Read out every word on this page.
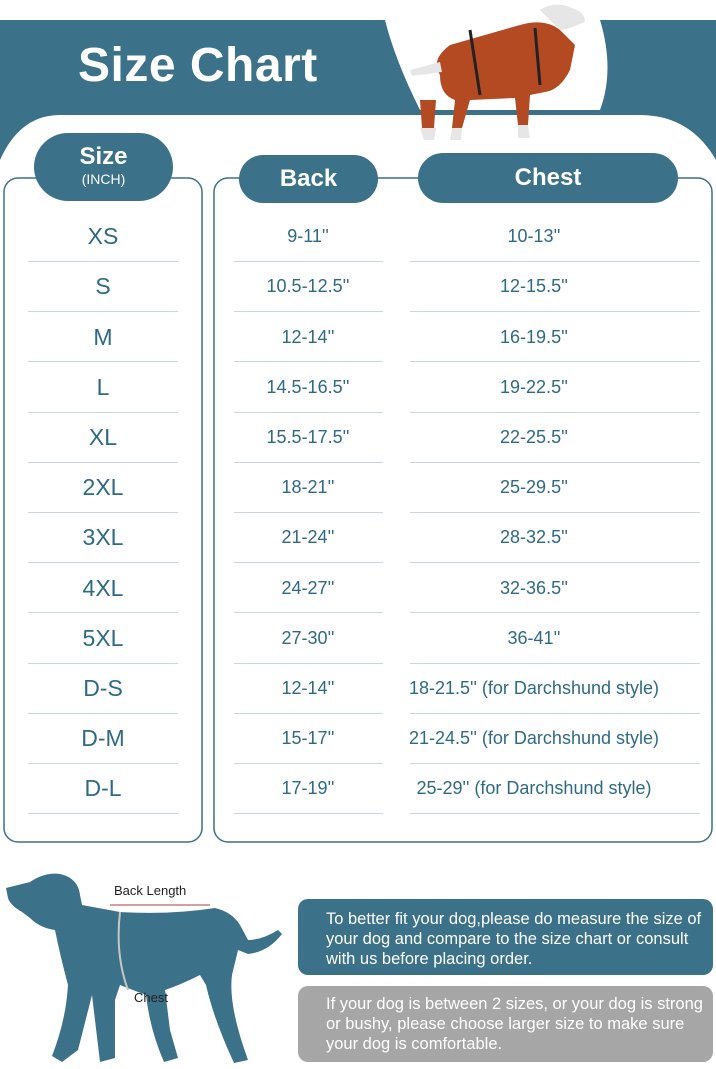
Size Chart
Size
(INCH)	Back	Chest
XS	9-11''	10-13''
S	10.5-12.5''	12-15.5''
M	12-14''	16-19.5''
L	14.5-16.5''	19-22.5''
XL	15.5-17.5''	22-25.5''
2XL	18-21''	25-29.5''
3XL	21-24''	28-32.5''
4XL	24-27''	32-36.5''
5XL	27-30''	36-41''
D-S	12-14''	18-21.5'' (for Darchshund style)
D-M	15-17''	21-24.5'' (for Darchshund style)
D-L	17-19''	25-29'' (for Darchshund style)
Back Length
Chest
To better fit your dog,please do measure the size of your dog and compare to the size chart or consult with us before placing order.
If your dog is between 2 sizes, or your dog is strong or bushy, please choose larger size to make sure your dog is comfortable.
